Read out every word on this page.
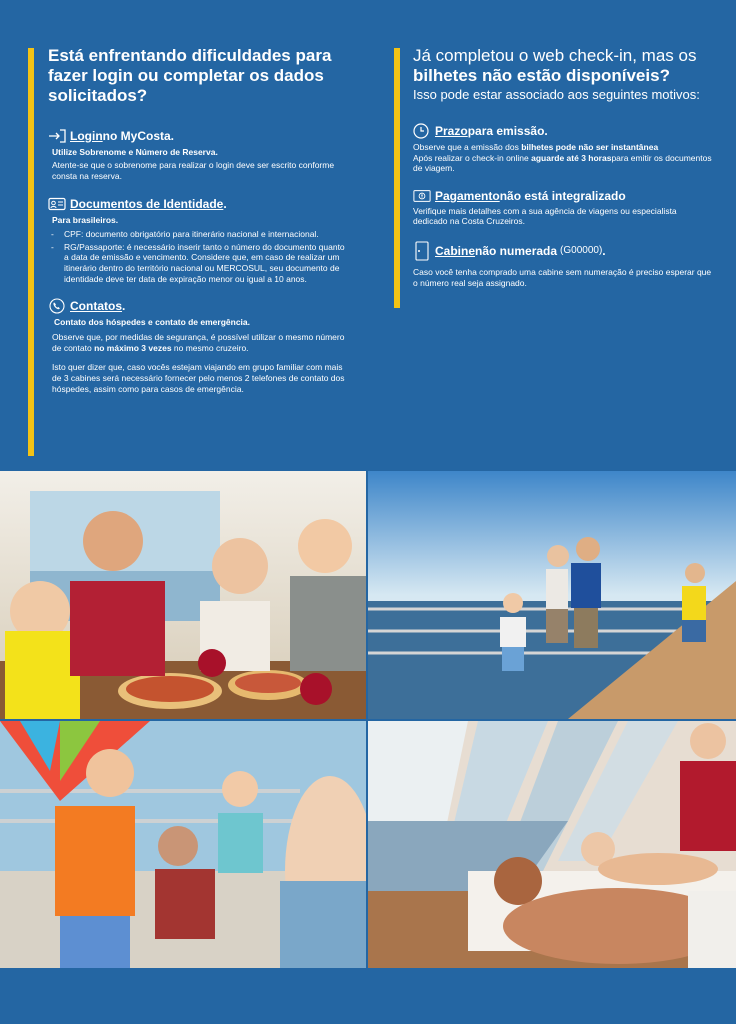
Está enfrentando dificuldades para
fazer login ou completar os dados solicitados?
Login no MyCosta.
Utilize Sobrenome e Número de Reserva.
Atente-se que o sobrenome para realizar o login deve ser escrito conforme consta na reserva.
Documentos de Identidade .
Para brasileiros.
- CPF: documento obrigatório para itinerário nacional e internacional.
- RG/Passaporte: é necessário inserir tanto o número do documento quanto a data de emissão e vencimento. Considere que, em caso de realizar um itinerário dentro do território nacional ou MERCOSUL, seu documento de identidade deve ter data de expiração menor ou igual a 10 anos.
Contatos .
Contato dos hóspedes e contato de emergência.
Observe que, por medidas de segurança, é possível utilizar o mesmo número de contato no máximo 3 vezes no mesmo cruzeiro.
Isto quer dizer que, caso vocês estejam viajando em grupo familiar com mais de 3 cabines será necessário fornecer pelo menos 2 telefones de contato dos hóspedes, assim como para casos de emergência.
Já completou o web check-in, mas os bilhetes não estão disponíveis?
Isso pode estar associado aos seguintes motivos:
Prazo para emissão.
Observe que a emissão dos bilhetes pode não ser instantânea
Após realizar o check-in online aguarde até 3 horaspara emitir os documentos de viagem.
Pagamento não está integralizado
Verifique mais detalhes com a sua agência de viagens ou especialista dedicado na Costa Cruzeiros.
Cabine não numerada (G00000) .
Caso você tenha comprado uma cabine sem numeração é preciso esperar que o número real seja assignado.
